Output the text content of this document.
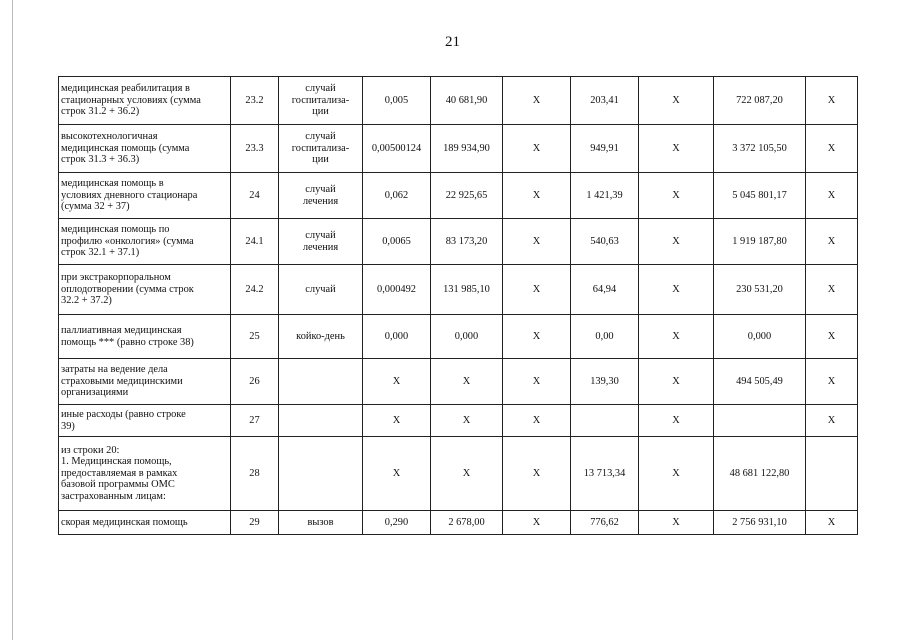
21
медицинская реабилитация в
стационарных условиях (сумма
строк 31.2 + 36.2)	23.2	случай
госпитализа-
ции	0,005	40 681,90	X	203,41	X	722 087,20	X

высокотехнологичная
медицинская помощь (сумма
строк 31.3 + 36.3)	23.3	случай
госпитализа-
ции	0,00500124	189 934,90	X	949,91	X	3 372 105,50	X

медицинская помощь в
условиях дневного стационара
(сумма 32 + 37)	24	случай
лечения	0,062	22 925,65	X	1 421,39	X	5 045 801,17	X

медицинская помощь по
профилю «онкология» (сумма
строк 32.1 + 37.1)	24.1	случай
лечения	0,0065	83 173,20	X	540,63	X	1 919 187,80	X

при экстракорпоральном
оплодотворении (сумма строк
32.2 + 37.2)	24.2	случай	0,000492	131 985,10	X	64,94	X	230 531,20	X

паллиативная медицинская
помощь *** (равно строке 38)	25	койко-день	0,000	0,000	X	0,00	X	0,000	X

затраты на ведение дела
страховыми медицинскими
организациями	26		X	X	X	139,30	X	494 505,49	X

иные расходы (равно строке
39)	27		X	X	X		X		X

из строки 20:
1. Медицинская помощь,
предоставляемая в рамках
базовой программы ОМС
застрахованным лицам:	28		X	X	X	13 713,34	X	48 681 122,80	

скорая медицинская помощь	29	вызов	0,290	2 678,00	X	776,62	X	2 756 931,10	X
